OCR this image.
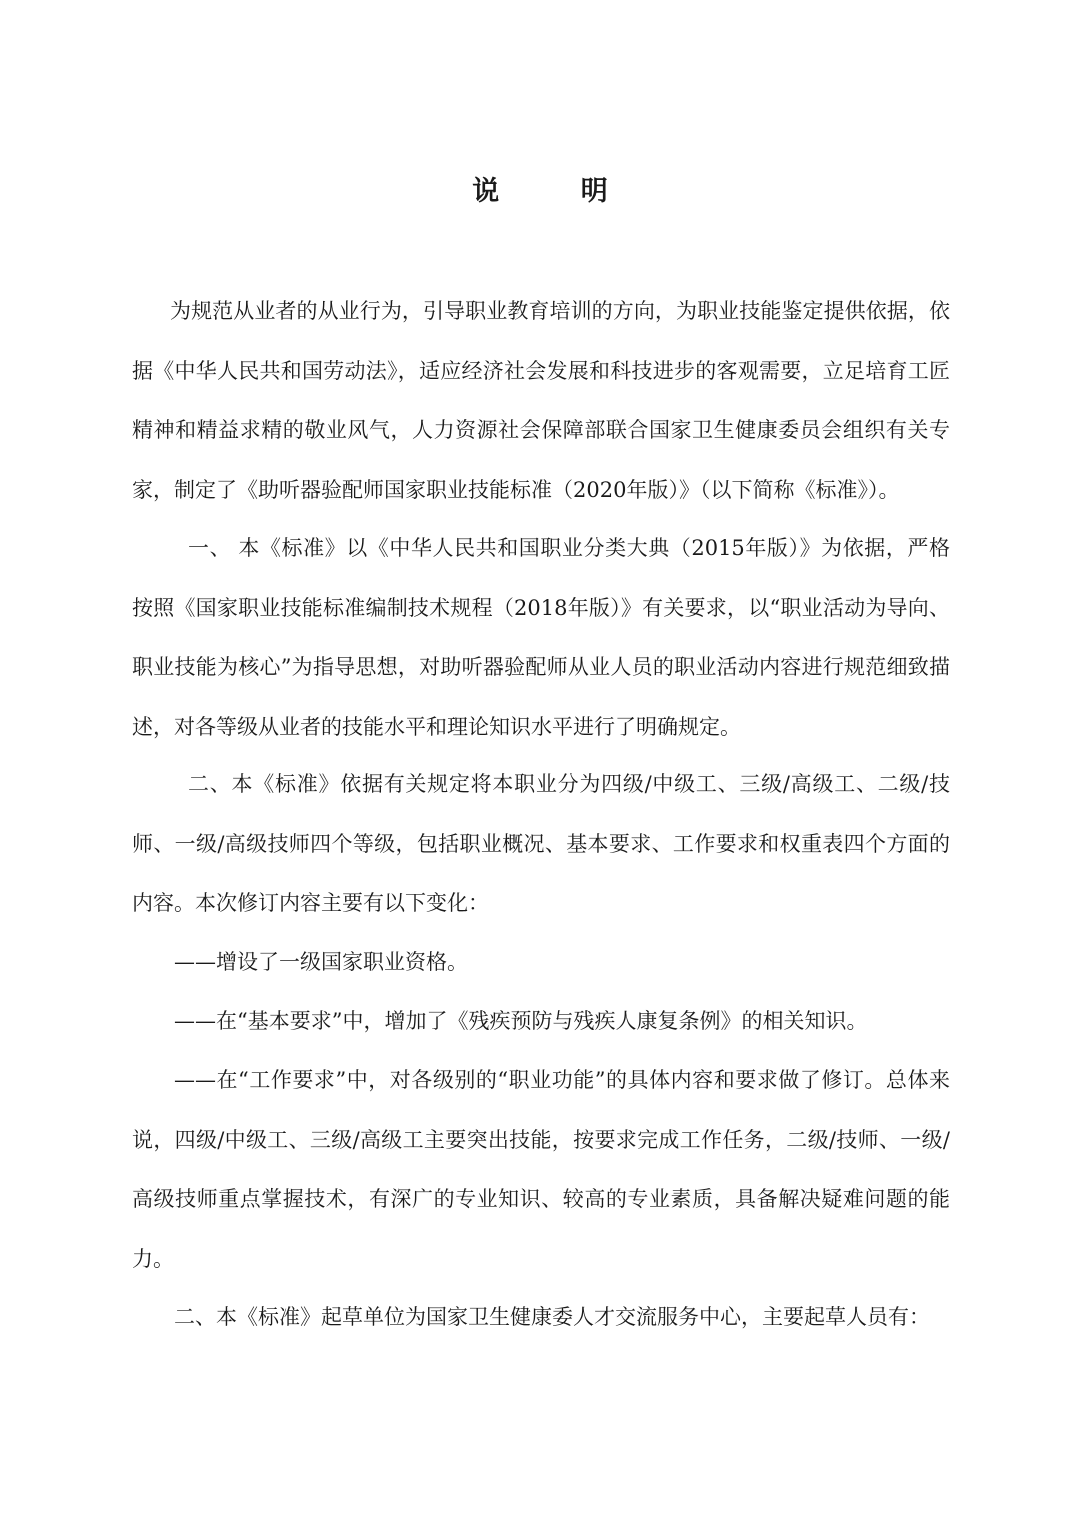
说 明

为规范从业者的从业行为，引导职业教育培训的方向，为职业技能鉴定提供依据，依据《中华人民共和国劳动法》，适应经济社会发展和科技进步的客观需要，立足培育工匠精神和精益求精的敬业风气，人力资源社会保障部联合国家卫生健康委员会组织有关专家，制定了《助听器验配师国家职业技能标准（2020年版）》（以下简称《标准》）。

一、 本《标准》以《中华人民共和国职业分类大典（2015年版）》为依据，严格按照《国家职业技能标准编制技术规程（2018年版）》有关要求，以“职业活动为导向、职业技能为核心”为指导思想，对助听器验配师从业人员的职业活动内容进行规范细致描述，对各等级从业者的技能水平和理论知识水平进行了明确规定。

二、本《标准》依据有关规定将本职业分为四级/中级工、三级/高级工、二级/技师、一级/高级技师四个等级，包括职业概况、基本要求、工作要求和权重表四个方面的内容。本次修订内容主要有以下变化：

——增设了一级国家职业资格。

——在“基本要求”中，增加了《残疾预防与残疾人康复条例》的相关知识。

——在“工作要求”中，对各级别的“职业功能”的具体内容和要求做了修订。总体来说，四级/中级工、三级/高级工主要突出技能，按要求完成工作任务，二级/技师、一级/高级技师重点掌握技术，有深广的专业知识、较高的专业素质，具备解决疑难问题的能力。

二、本《标准》起草单位为国家卫生健康委人才交流服务中心，主要起草人员有：
